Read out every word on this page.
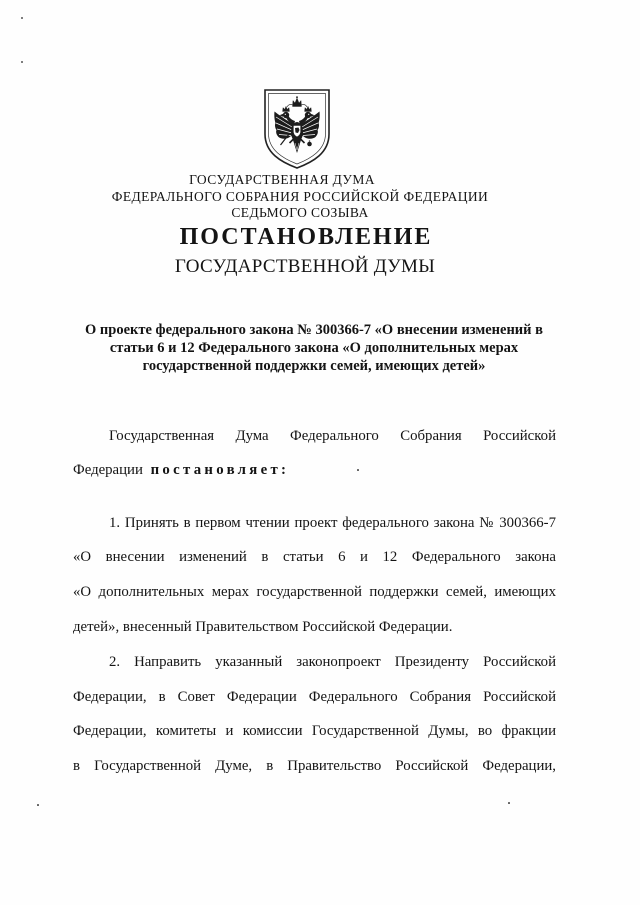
ГОСУДАРСТВЕННАЯ ДУМА
ФЕДЕРАЛЬНОГО СОБРАНИЯ РОССИЙСКОЙ ФЕДЕРАЦИИ
СЕДЬМОГО СОЗЫВА
ПОСТАНОВЛЕНИЕ
ГОСУДАРСТВЕННОЙ ДУМЫ
О проекте федерального закона № 300366-7 «О внесении изменений в
статьи 6 и 12 Федерального закона «О дополнительных мерах
государственной поддержки семей, имеющих детей»
Государственная Дума Федерального Собрания Российской
Федерации постановляет:
1. Принять в первом чтении проект федерального закона № 300366-7
«О внесении изменений в статьи 6 и 12 Федерального закона
«О дополнительных мерах государственной поддержки семей, имеющих
детей», внесенный Правительством Российской Федерации.
2. Направить указанный законопроект Президенту Российской
Федерации, в Совет Федерации Федерального Собрания Российской
Федерации, комитеты и комиссии Государственной Думы, во фракции
в Государственной Думе, в Правительство Российской Федерации,
